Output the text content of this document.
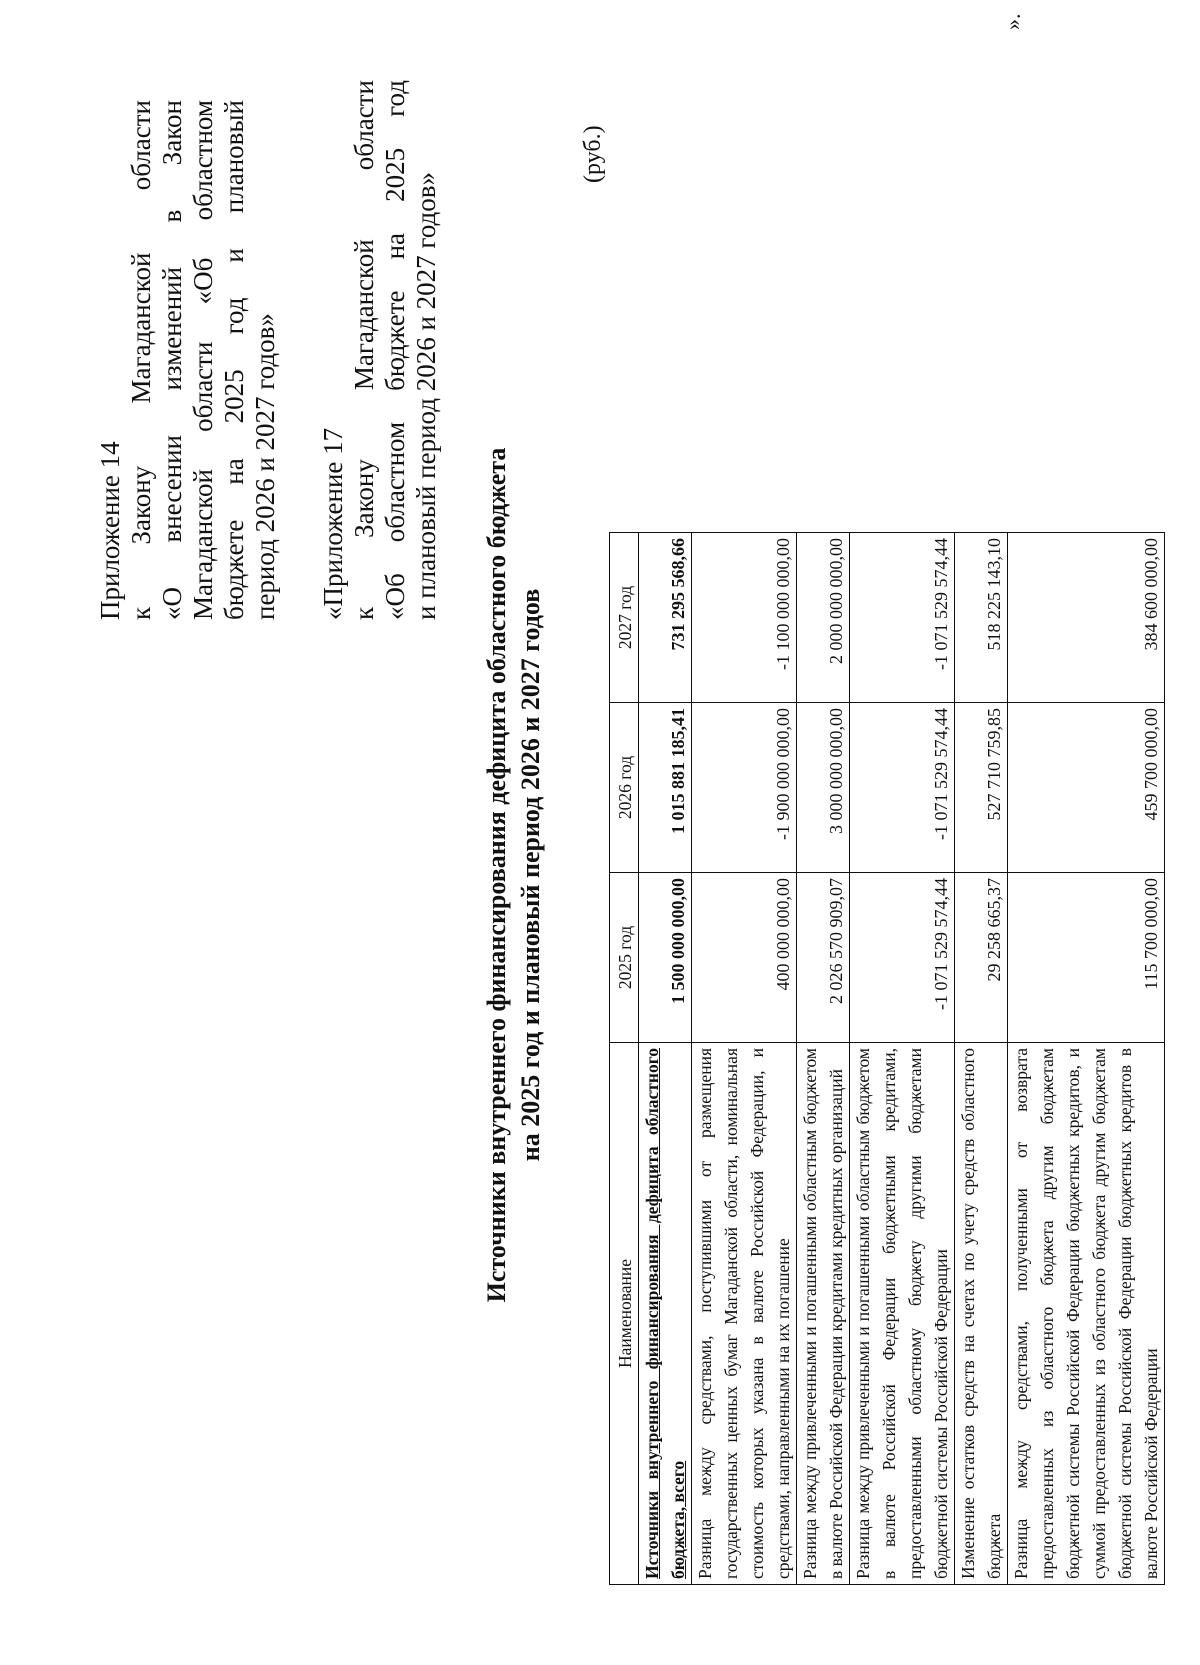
Приложение 14 к Закону Магаданской области «О внесении изменений в Закон Магаданской области «Об областном бюджете на 2025 год и плановый период 2026 и 2027 годов» «Приложение 17 к Закону Магаданской области «Об областном бюджете на 2025 год и плановый период 2026 и 2027 годов»
Источники внутреннего финансирования дефицита областного бюджета на 2025 год и плановый период 2026 и 2027 годов
(руб.)
Наименование	2025 год	2026 год	2027 год
Источники внутреннего финансирования дефицита областного бюджета, всего	1 500 000 000,00	1 015 881 185,41	731 295 568,66
Разница между средствами, поступившими от размещения государственных ценных бумаг Магаданской области, номинальная стоимость которых указана в валюте Российской Федерации, и средствами, направленными на их погашение	400 000 000,00	-1 900 000 000,00	-1 100 000 000,00
Разница между привлеченными и погашенными областным бюджетом в валюте Российской Федерации кредитами кредитных организаций	2 026 570 909,07	3 000 000 000,00	2 000 000 000,00
Разница между привлеченными и погашенными областным бюджетом в валюте Российской Федерации бюджетными кредитами, предоставленными областному бюджету другими бюджетами бюджетной системы Российской Федерации	-1 071 529 574,44	-1 071 529 574,44	-1 071 529 574,44
Изменение остатков средств на счетах по учету средств областного бюджета	29 258 665,37	527 710 759,85	518 225 143,10
Разница между средствами, полученными от возврата предоставленных из областного бюджета другим бюджетам бюджетной системы Российской Федерации бюджетных кредитов, и суммой предоставленных из областного бюджета другим бюджетам бюджетной системы Российской Федерации бюджетных кредитов в валюте Российской Федерации	115 700 000,00	459 700 000,00	384 600 000,00
».
